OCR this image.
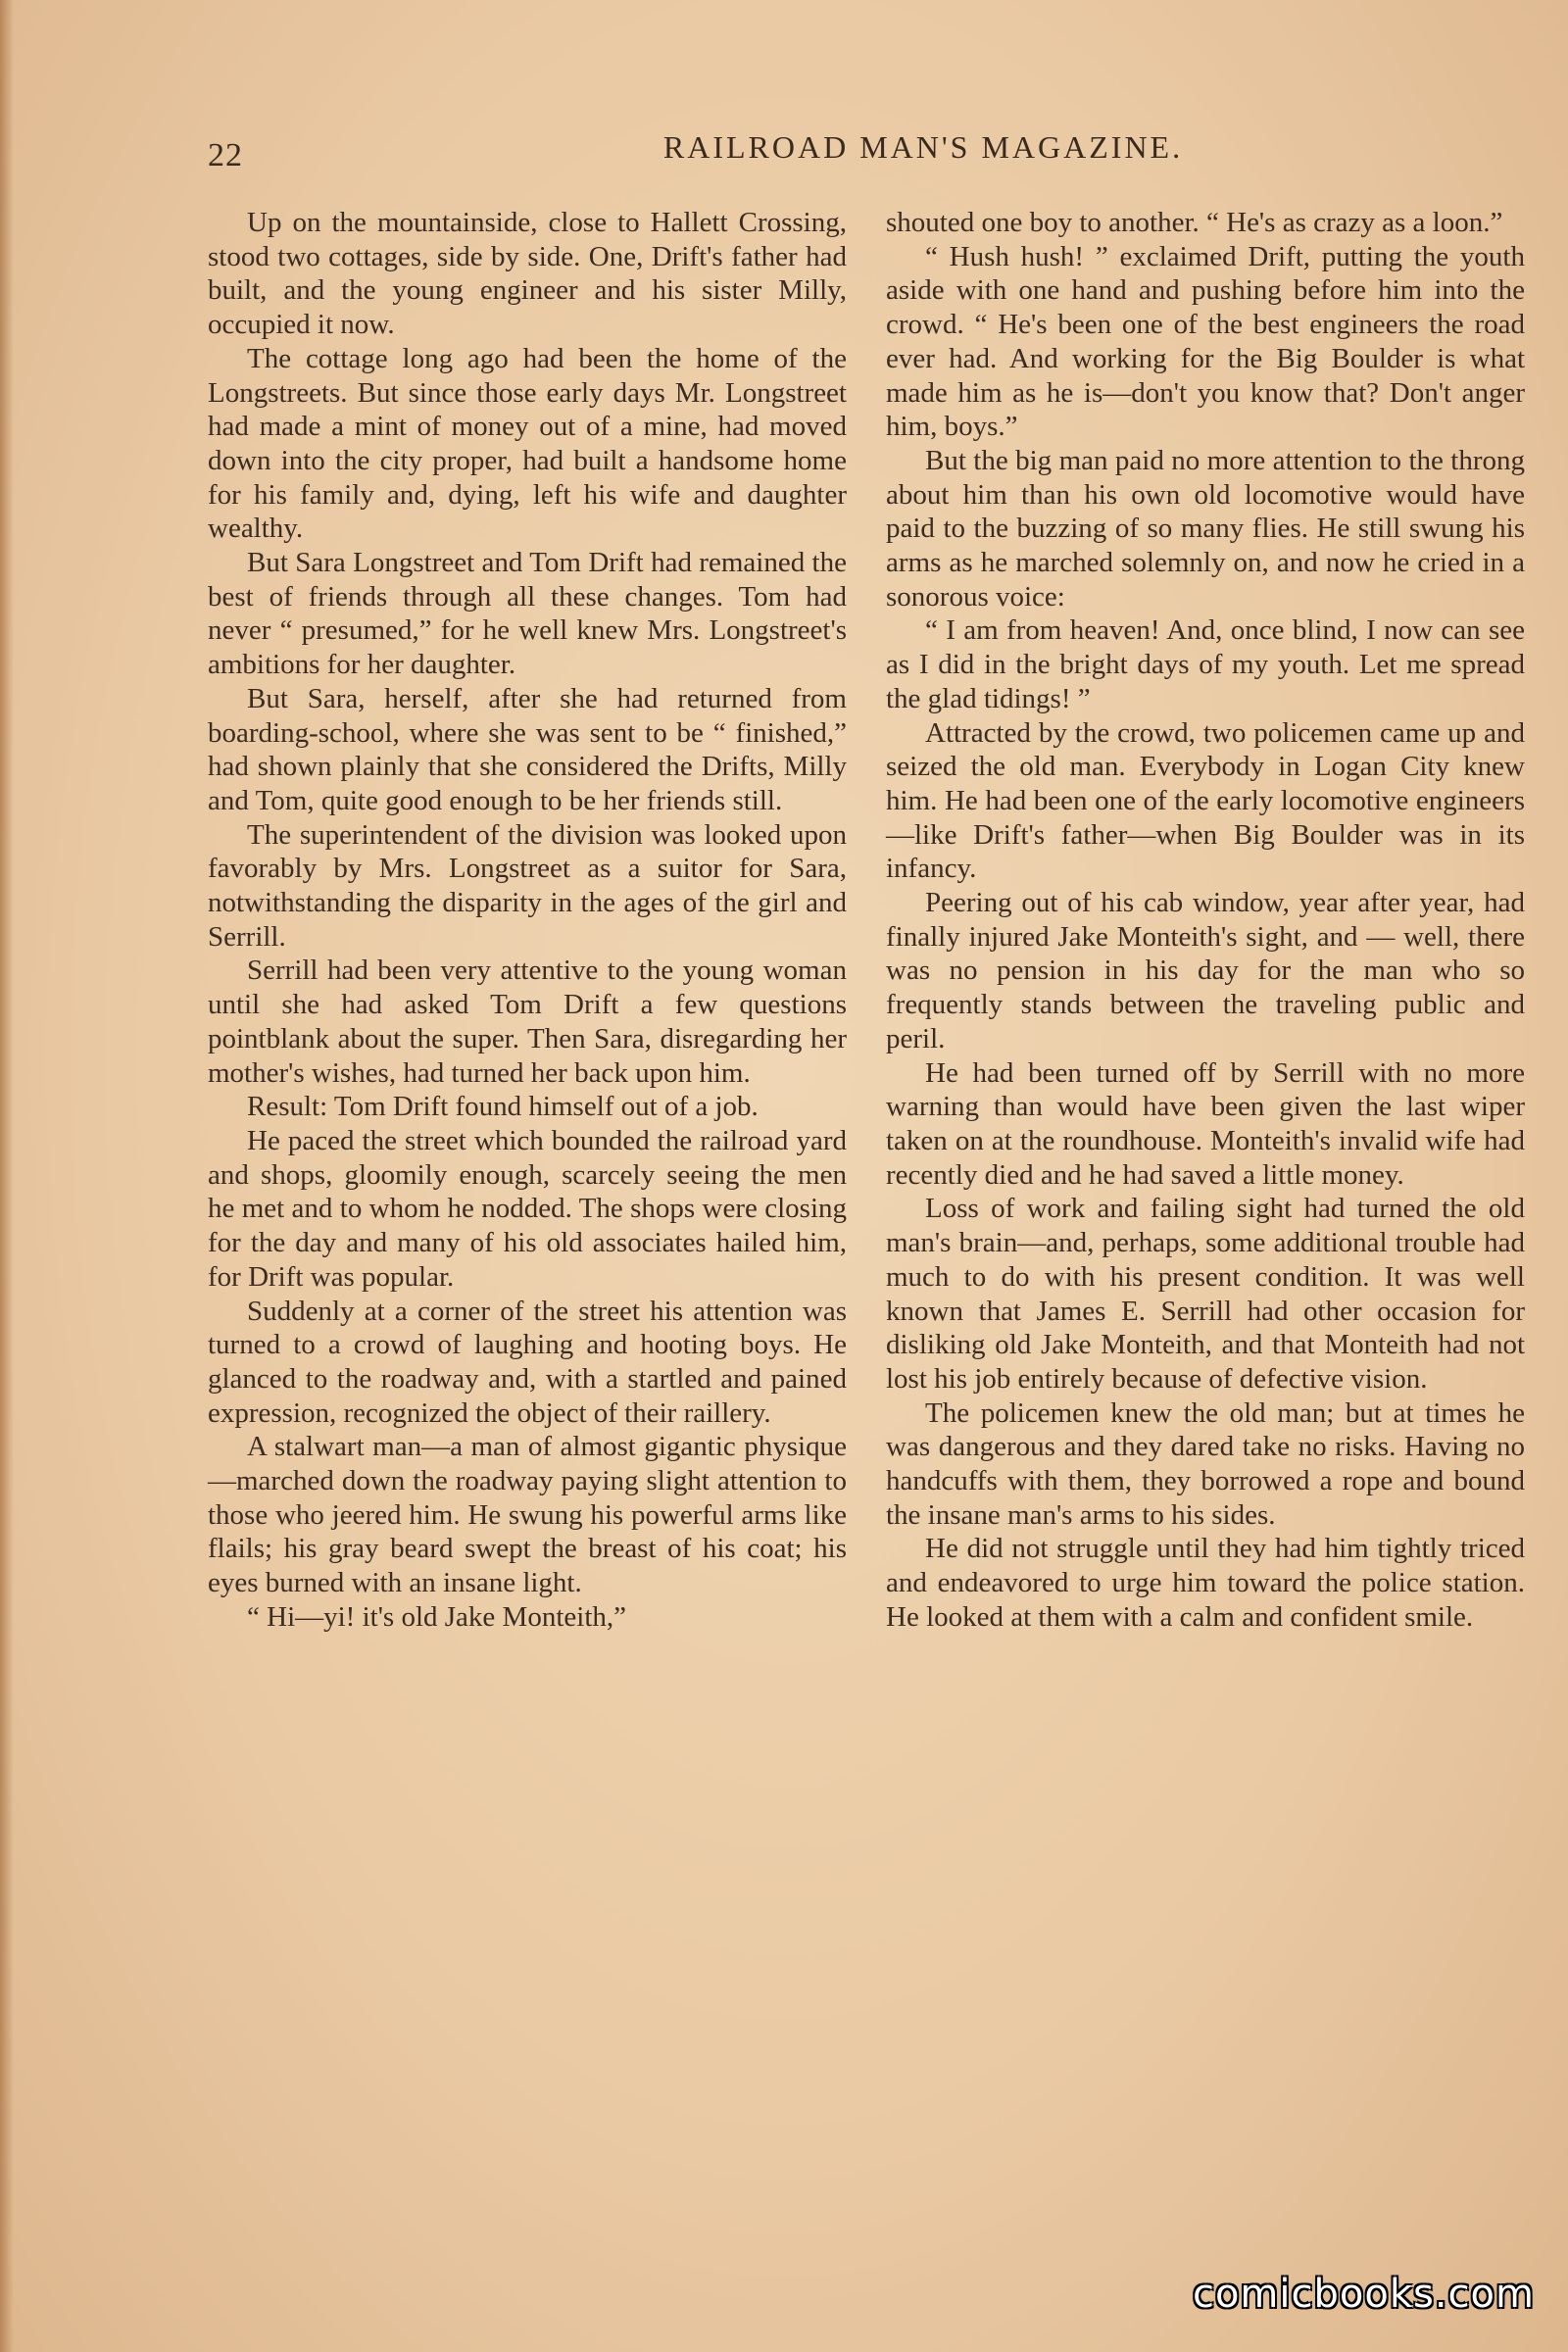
22	RAILROAD MAN'S MAGAZINE.

Up on the mountainside, close to Hallett Crossing, stood two cottages, side by side. One, Drift's father had built, and the young engineer and his sister Milly, occupied it now.

The cottage long ago had been the home of the Longstreets. But since those early days Mr. Longstreet had made a mint of money out of a mine, had moved down into the city proper, had built a handsome home for his family and, dying, left his wife and daughter wealthy.

But Sara Longstreet and Tom Drift had remained the best of friends through all these changes. Tom had never “ presumed,” for he well knew Mrs. Longstreet's ambitions for her daughter.

But Sara, herself, after she had returned from boarding-school, where she was sent to be “ finished,” had shown plainly that she considered the Drifts, Milly and Tom, quite good enough to be her friends still.

The superintendent of the division was looked upon favorably by Mrs. Longstreet as a suitor for Sara, notwithstanding the disparity in the ages of the girl and Serrill.

Serrill had been very attentive to the young woman until she had asked Tom Drift a few questions pointblank about the super. Then Sara, disregarding her mother's wishes, had turned her back upon him.

Result: Tom Drift found himself out of a job.

He paced the street which bounded the railroad yard and shops, gloomily enough, scarcely seeing the men he met and to whom he nodded. The shops were closing for the day and many of his old associates hailed him, for Drift was popular.

Suddenly at a corner of the street his attention was turned to a crowd of laughing and hooting boys. He glanced to the roadway and, with a startled and pained expression, recognized the object of their raillery.

A stalwart man—a man of almost gigantic physique—marched down the roadway paying slight attention to those who jeered him. He swung his powerful arms like flails; his gray beard swept the breast of his coat; his eyes burned with an insane light.

“ Hi—yi! it's old Jake Monteith,”

shouted one boy to another. “ He's as crazy as a loon.”

“ Hush hush! ” exclaimed Drift, putting the youth aside with one hand and pushing before him into the crowd. “ He's been one of the best engineers the road ever had. And working for the Big Boulder is what made him as he is—don't you know that? Don't anger him, boys.”

But the big man paid no more attention to the throng about him than his own old locomotive would have paid to the buzzing of so many flies. He still swung his arms as he marched solemnly on, and now he cried in a sonorous voice:

“ I am from heaven! And, once blind, I now can see as I did in the bright days of my youth. Let me spread the glad tidings! ”

Attracted by the crowd, two policemen came up and seized the old man. Everybody in Logan City knew him. He had been one of the early locomotive engineers—like Drift's father—when Big Boulder was in its infancy.

Peering out of his cab window, year after year, had finally injured Jake Monteith's sight, and — well, there was no pension in his day for the man who so frequently stands between the traveling public and peril.

He had been turned off by Serrill with no more warning than would have been given the last wiper taken on at the roundhouse. Monteith's invalid wife had recently died and he had saved a little money.

Loss of work and failing sight had turned the old man's brain—and, perhaps, some additional trouble had much to do with his present condition. It was well known that James E. Serrill had other occasion for disliking old Jake Monteith, and that Monteith had not lost his job entirely because of defective vision.

The policemen knew the old man; but at times he was dangerous and they dared take no risks. Having no handcuffs with them, they borrowed a rope and bound the insane man's arms to his sides.

He did not struggle until they had him tightly triced and endeavored to urge him toward the police station. He looked at them with a calm and confident smile.

comicbooks.com
